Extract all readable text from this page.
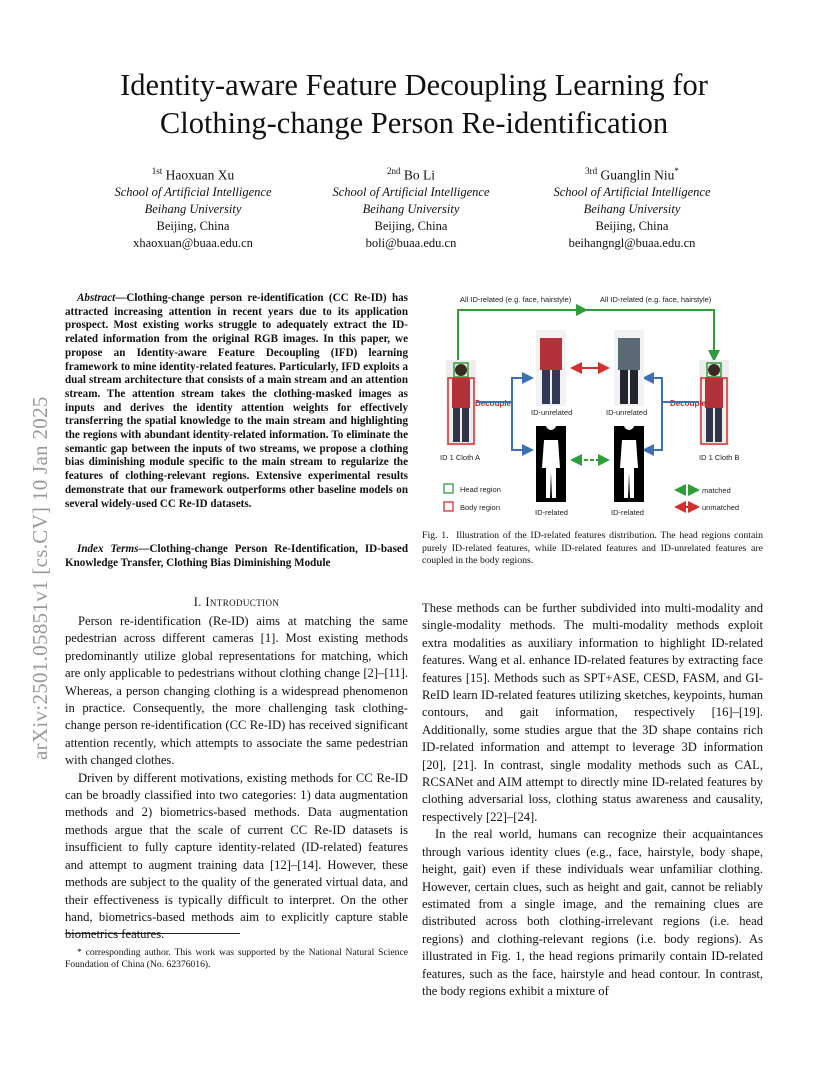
arXiv:2501.05851v1 [cs.CV] 10 Jan 2025
Identity-aware Feature Decoupling Learning for Clothing-change Person Re-identification
$^{1st}$ Haoxuan Xu
School of Artificial Intelligence
Beihang University
Beijing, China
xhaoxuan@buaa.edu.cn
$^{2nd}$ Bo Li
School of Artificial Intelligence
Beihang University
Beijing, China
boli@buaa.edu.cn
$^{3rd}$ Guanglin Niu*
School of Artificial Intelligence
Beihang University
Beijing, China
beihangngl@buaa.edu.cn
Abstract—Clothing-change person re-identification (CC Re-ID) has attracted increasing attention in recent years due to its application prospect. Most existing works struggle to adequately extract the ID-related information from the original RGB images. In this paper, we propose an Identity-aware Feature Decoupling (IFD) learning framework to mine identity-related features. Particularly, IFD exploits a dual stream architecture that consists of a main stream and an attention stream. The attention stream takes the clothing-masked images as inputs and derives the identity attention weights for effectively transferring the spatial knowledge to the main stream and highlighting the regions with abundant identity-related information. To eliminate the semantic gap between the inputs of two streams, we propose a clothing bias diminishing module specific to the main stream to regularize the features of clothing-relevant regions. Extensive experimental results demonstrate that our framework outperforms other baseline models on several widely-used CC Re-ID datasets.
Index Terms—Clothing-change Person Re-Identification, ID-based Knowledge Transfer, Clothing Bias Diminishing Module
I. Introduction

Person re-identification (Re-ID) aims at matching the same pedestrian across different cameras [1]. Most existing methods predominantly utilize global representations for matching, which are only applicable to pedestrians without clothing change [2]–[11]. Whereas, a person changing clothing is a widespread phenomenon in practice. Consequently, the more challenging task clothing-change person re-identification (CC Re-ID) has received significant attention recently, which attempts to associate the same pedestrian with changed clothes.

Driven by different motivations, existing methods for CC Re-ID can be broadly classified into two categories: 1) data augmentation methods and 2) biometrics-based methods. Data augmentation methods argue that the scale of current CC Re-ID datasets is insufficient to fully capture identity-related (ID-related) features and attempt to augment training data [12]–[14]. However, these methods are subject to the quality of the generated virtual data, and their effectiveness is typically difficult to interpret. On the other hand, biometrics-based methods aim to explicitly capture stable biometrics features.

* corresponding author. This work was supported by the National Natural Science Foundation of China (No. 62376016).
All ID-related (e.g. face, hairstyle)	All ID-related (e.g. face, hairstyle)
Decouple	Decouple
ID 1 Cloth A	ID 1 Cloth B
ID-unrelated	ID-unrelated
ID-related	ID-related
Head region
Body region
matched
unmatched
Fig. 1. Illustration of the ID-related features distribution. The head regions contain purely ID-related features, while ID-related features and ID-unrelated features are coupled in the body regions.

These methods can be further subdivided into multi-modality and single-modality methods. The multi-modality methods exploit extra modalities as auxiliary information to highlight ID-related features. Wang et al. enhance ID-related features by extracting face features [15]. Methods such as SPT+ASE, CESD, FASM, and GI-ReID learn ID-related features utilizing sketches, keypoints, human contours, and gait information, respectively [16]–[19]. Additionally, some studies argue that the 3D shape contains rich ID-related information and attempt to leverage 3D information [20], [21]. In contrast, single modality methods such as CAL, RCSANet and AIM attempt to directly mine ID-related features by clothing adversarial loss, clothing status awareness and causality, respectively [22]–[24].

In the real world, humans can recognize their acquaintances through various identity clues (e.g., face, hairstyle, body shape, height, gait) even if these individuals wear unfamiliar clothing. However, certain clues, such as height and gait, cannot be reliably estimated from a single image, and the remaining clues are distributed across both clothing-irrelevant regions (i.e. head regions) and clothing-relevant regions (i.e. body regions). As illustrated in Fig. 1, the head regions primarily contain ID-related features, such as the face, hairstyle and head contour. In contrast, the body regions exhibit a mixture of
